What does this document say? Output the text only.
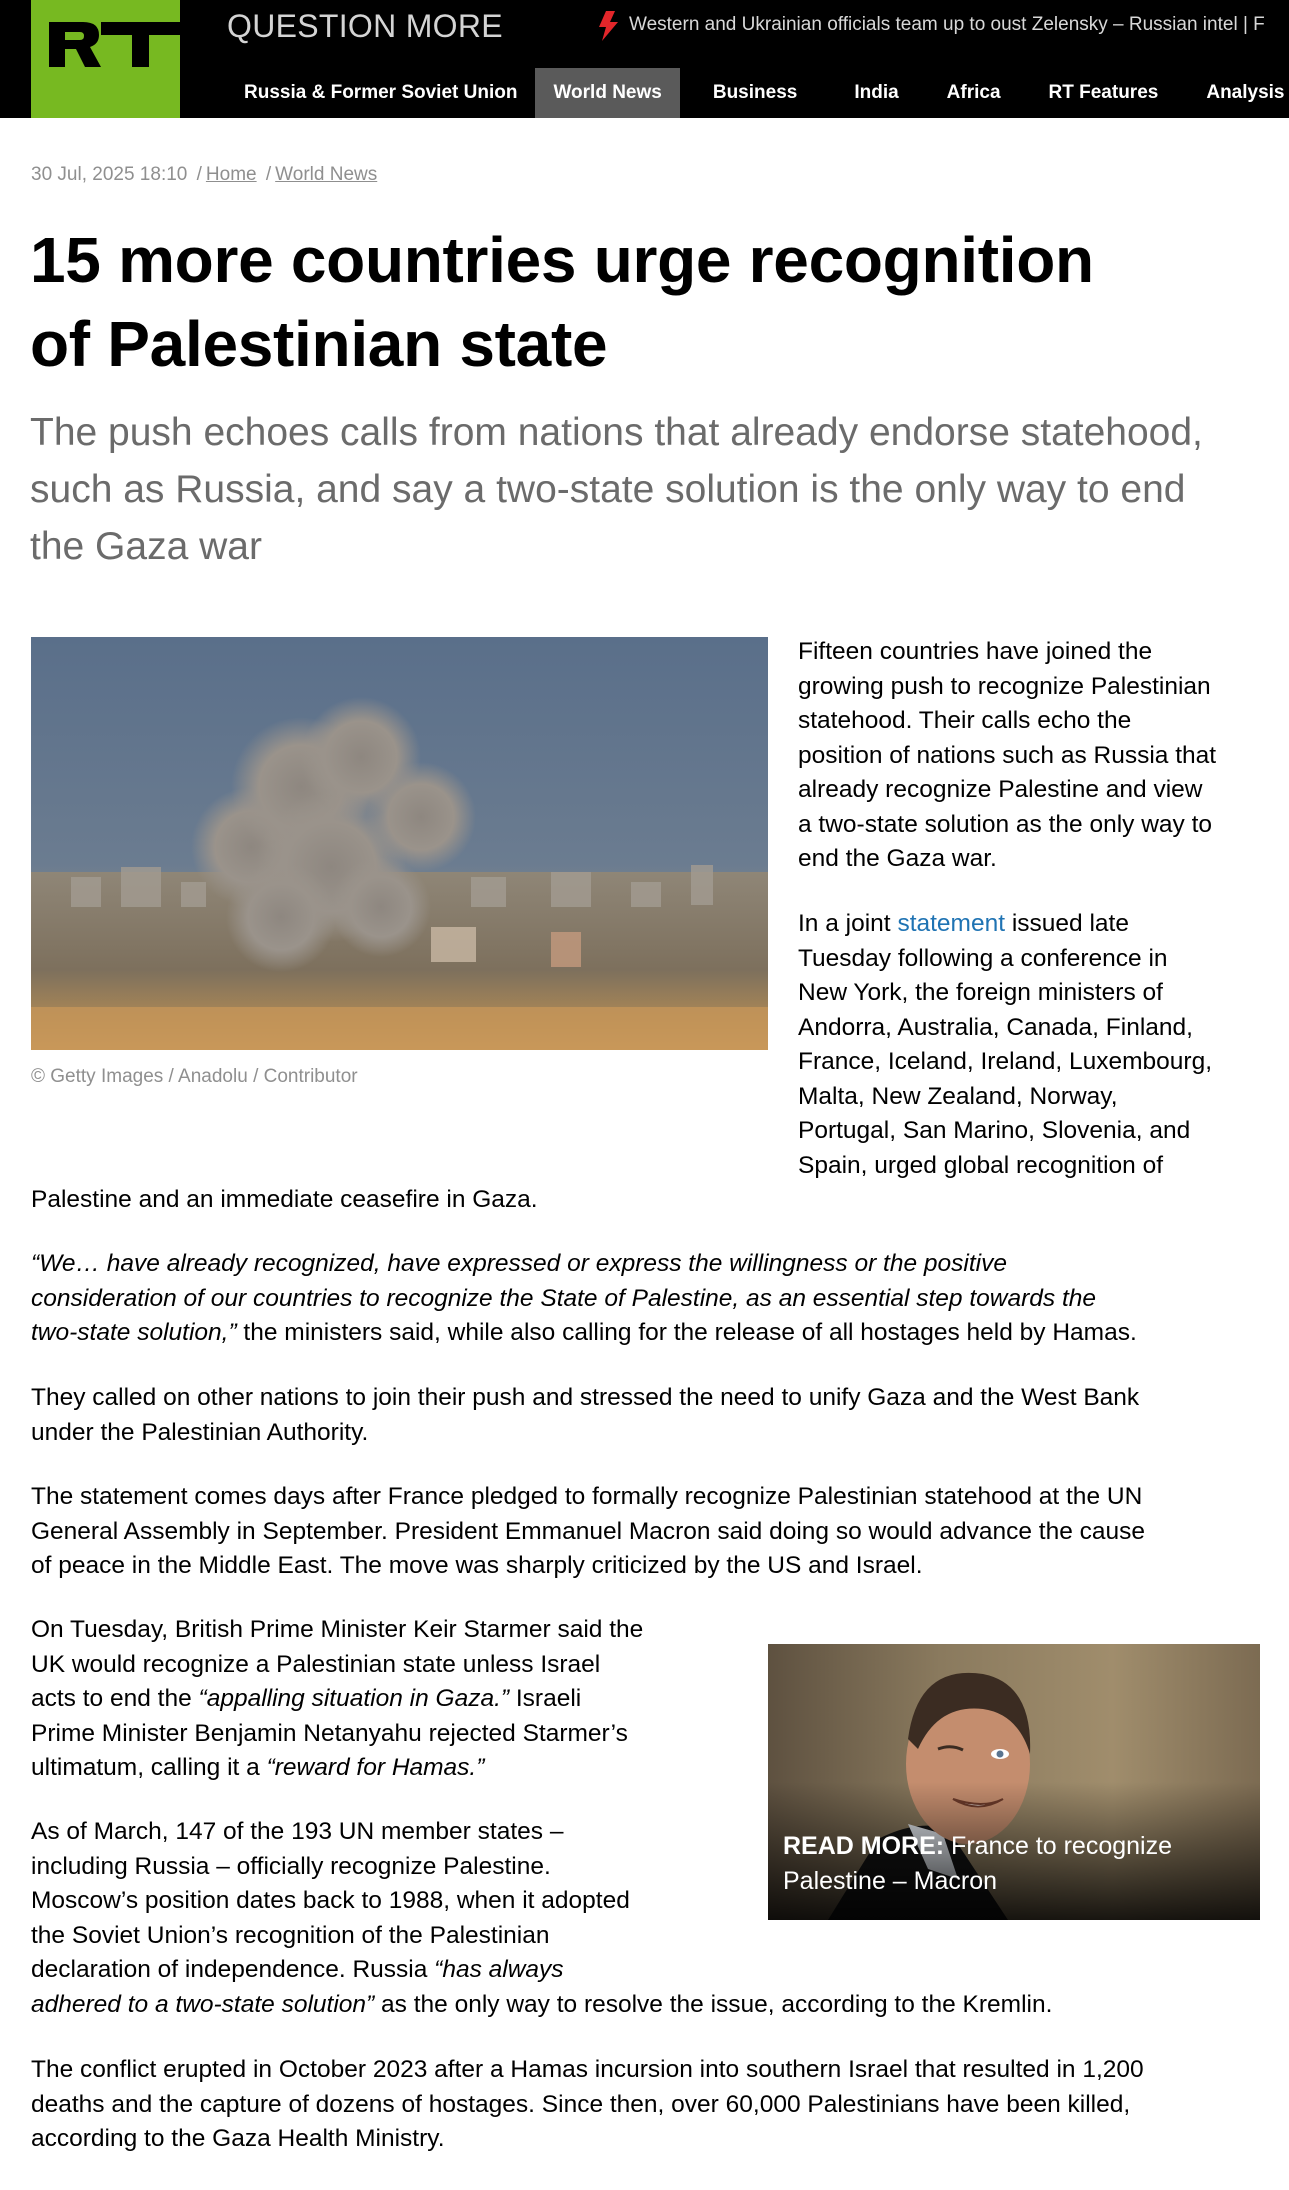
QUESTION MORE	Western and Ukrainian officials team up to oust Zelensky – Russian intel | F
Russia & Former Soviet Union	World News	Business	India	Africa	RT Features	Analysis
30 Jul, 2025 18:10 / Home / World News
15 more countries urge recognition
of Palestinian state
The push echoes calls from nations that already endorse statehood,
such as Russia, and say a two-state solution is the only way to end
the Gaza war
© Getty Images / Anadolu / Contributor
Fifteen countries have joined the
growing push to recognize Palestinian
statehood. Their calls echo the
position of nations such as Russia that
already recognize Palestine and view
a two-state solution as the only way to
end the Gaza war.
In a joint statement issued late
Tuesday following a conference in
New York, the foreign ministers of
Andorra, Australia, Canada, Finland,
France, Iceland, Ireland, Luxembourg,
Malta, New Zealand, Norway,
Portugal, San Marino, Slovenia, and
Spain, urged global recognition of
Palestine and an immediate ceasefire in Gaza.
“We… have already recognized, have expressed or express the willingness or the positive
consideration of our countries to recognize the State of Palestine, as an essential step towards the
two-state solution,” the ministers said, while also calling for the release of all hostages held by Hamas.
They called on other nations to join their push and stressed the need to unify Gaza and the West Bank
under the Palestinian Authority.
The statement comes days after France pledged to formally recognize Palestinian statehood at the UN
General Assembly in September. President Emmanuel Macron said doing so would advance the cause
of peace in the Middle East. The move was sharply criticized by the US and Israel.
On Tuesday, British Prime Minister Keir Starmer said the
UK would recognize a Palestinian state unless Israel
acts to end the “appalling situation in Gaza.” Israeli
Prime Minister Benjamin Netanyahu rejected Starmer’s
ultimatum, calling it a “reward for Hamas.”
READ MORE: France to recognize
Palestine – Macron
As of March, 147 of the 193 UN member states –
including Russia – officially recognize Palestine.
Moscow’s position dates back to 1988, when it adopted
the Soviet Union’s recognition of the Palestinian
declaration of independence. Russia “has always
adhered to a two-state solution” as the only way to resolve the issue, according to the Kremlin.
The conflict erupted in October 2023 after a Hamas incursion into southern Israel that resulted in 1,200
deaths and the capture of dozens of hostages. Since then, over 60,000 Palestinians have been killed,
according to the Gaza Health Ministry.
